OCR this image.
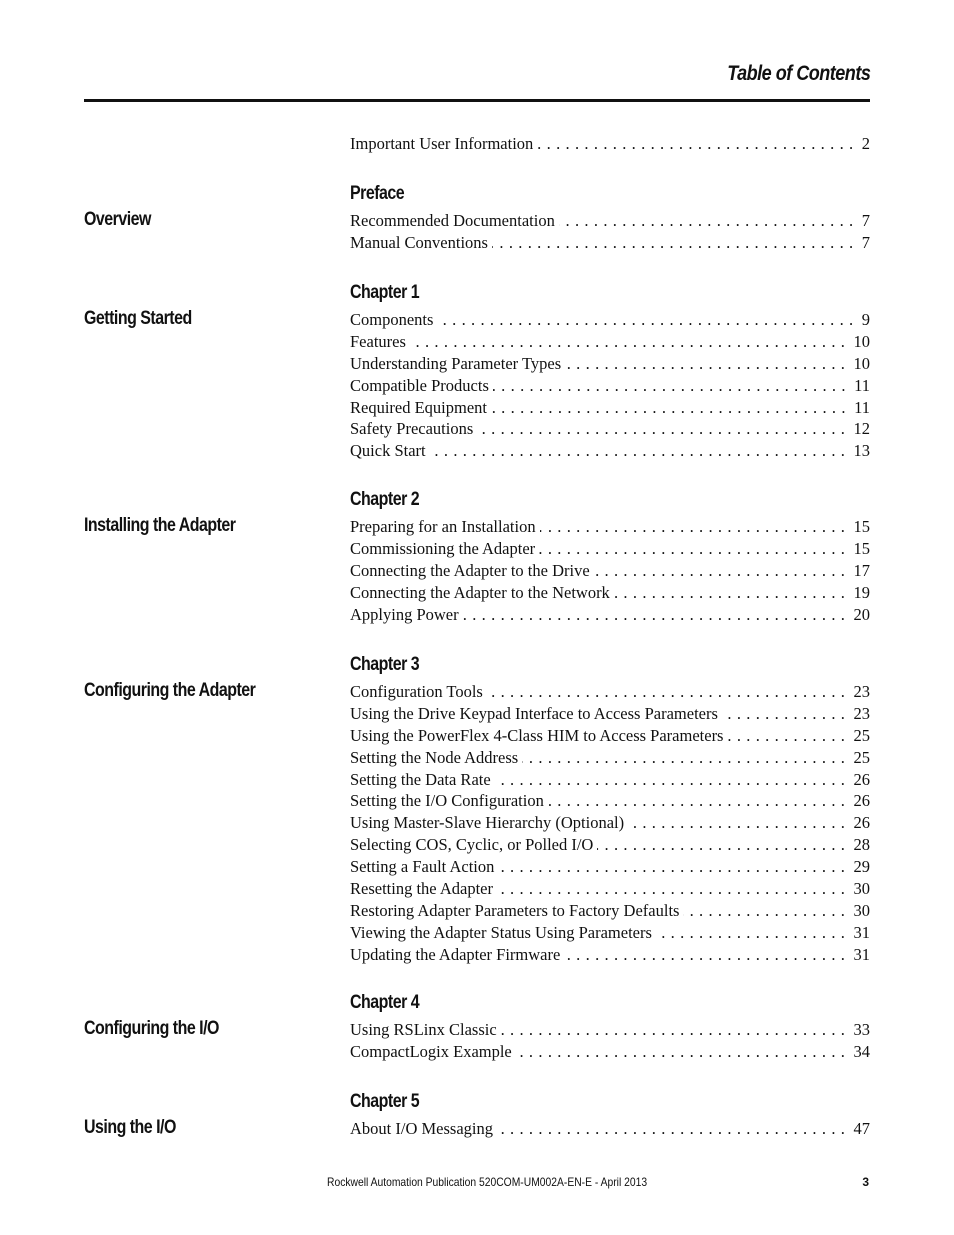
Table of Contents
Important User Information . . .	2
Preface
Overview	Recommended Documentation . . .	7
Manual Conventions . . .	7
Chapter 1
Getting Started	Components . . .	9
Features . . .	10
Understanding Parameter Types . . .	10
Compatible Products . . .	11
Required Equipment . . .	11
Safety Precautions . . .	12
Quick Start . . .	13
Chapter 2
Installing the Adapter	Preparing for an Installation . . .	15
Commissioning the Adapter . . .	15
Connecting the Adapter to the Drive . . .	17
Connecting the Adapter to the Network . . .	19
Applying Power . . .	20
Chapter 3
Configuring the Adapter	Configuration Tools . . .	23
Using the Drive Keypad Interface to Access Parameters . . .	23
Using the PowerFlex 4-Class HIM to Access Parameters . . .	25
Setting the Node Address . . .	25
Setting the Data Rate . . .	26
Setting the I/O Configuration . . .	26
Using Master-Slave Hierarchy (Optional) . . .	26
Selecting COS, Cyclic, or Polled I/O . . .	28
Setting a Fault Action . . .	29
Resetting the Adapter . . .	30
Restoring Adapter Parameters to Factory Defaults . . .	30
Viewing the Adapter Status Using Parameters . . .	31
Updating the Adapter Firmware . . .	31
Chapter 4
Configuring the I/O	Using RSLinx Classic . . .	33
CompactLogix Example . . .	34
Chapter 5
Using the I/O	About I/O Messaging . . .	47
Rockwell Automation Publication 520COM-UM002A-EN-E - April 2013	3
